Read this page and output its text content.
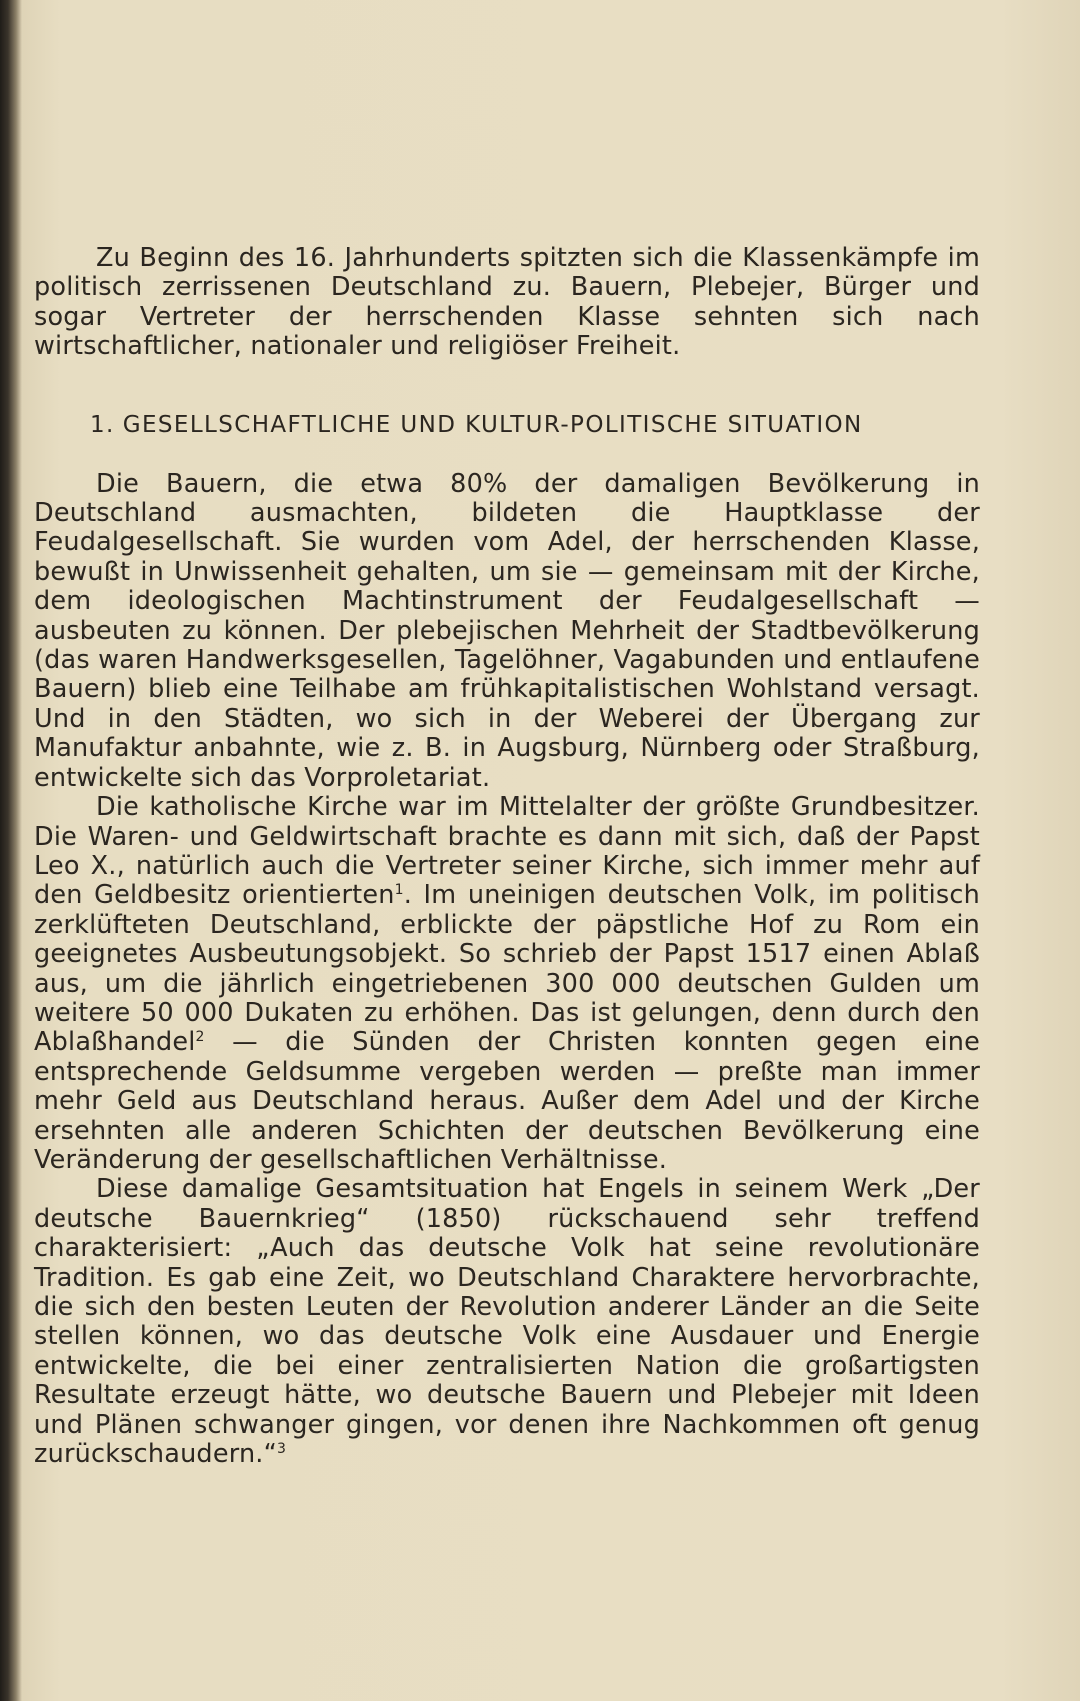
Zu Beginn des 16. Jahrhunderts spitzten sich die Klassenkämpfe im politisch zerrissenen Deutschland zu. Bauern, Plebejer, Bürger und sogar Vertreter der herrschenden Klasse sehnten sich nach wirtschaftlicher, nationaler und religiöser Freiheit.

1. GESELLSCHAFTLICHE UND KULTUR-POLITISCHE SITUATION

Die Bauern, die etwa 80% der damaligen Bevölkerung in Deutschland ausmachten, bildeten die Hauptklasse der Feudalgesellschaft. Sie wurden vom Adel, der herrschenden Klasse, bewußt in Unwissenheit gehalten, um sie — gemeinsam mit der Kirche, dem ideologischen Machtinstrument der Feudalgesellschaft — ausbeuten zu können. Der plebejischen Mehrheit der Stadtbevölkerung (das waren Handwerksgesellen, Tagelöhner, Vagabunden und entlaufene Bauern) blieb eine Teilhabe am frühkapitalistischen Wohlstand versagt. Und in den Städten, wo sich in der Weberei der Übergang zur Manufaktur anbahnte, wie z. B. in Augsburg, Nürnberg oder Straßburg, entwickelte sich das Vorproletariat.

Die katholische Kirche war im Mittelalter der größte Grundbesitzer. Die Waren- und Geldwirtschaft brachte es dann mit sich, daß der Papst Leo X., natürlich auch die Vertreter seiner Kirche, sich immer mehr auf den Geldbesitz orientierten$^1$. Im uneinigen deutschen Volk, im politisch zerklüfteten Deutschland, erblickte der päpstliche Hof zu Rom ein geeignetes Ausbeutungsobjekt. So schrieb der Papst 1517 einen Ablaß aus, um die jährlich eingetriebenen 300 000 deutschen Gulden um weitere 50 000 Dukaten zu erhöhen. Das ist gelungen, denn durch den Ablaßhandel$^2$ — die Sünden der Christen konnten gegen eine entsprechende Geldsumme vergeben werden — preßte man immer mehr Geld aus Deutschland heraus. Außer dem Adel und der Kirche ersehnten alle anderen Schichten der deutschen Bevölkerung eine Veränderung der gesellschaftlichen Verhältnisse.

Diese damalige Gesamtsituation hat Engels in seinem Werk „Der deutsche Bauernkrieg“ (1850) rückschauend sehr treffend charakterisiert: „Auch das deutsche Volk hat seine revolutionäre Tradition. Es gab eine Zeit, wo Deutschland Charaktere hervorbrachte, die sich den besten Leuten der Revolution anderer Länder an die Seite stellen können, wo das deutsche Volk eine Ausdauer und Energie entwickelte, die bei einer zentralisierten Nation die großartigsten Resultate erzeugt hätte, wo deutsche Bauern und Plebejer mit Ideen und Plänen schwanger gingen, vor denen ihre Nachkommen oft genug zurückschaudern.“$^3$
